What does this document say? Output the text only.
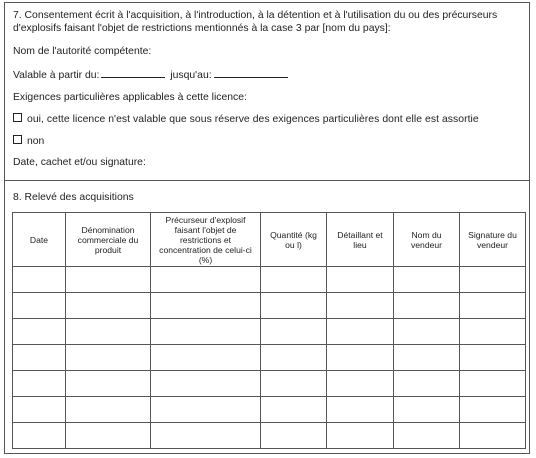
7. Consentement écrit à l'acquisition, à l'introduction, à la détention et à l'utilisation du ou des précurseurs d'explosifs faisant l'objet de restrictions mentionnés à la case 3 par [nom du pays]:
Nom de l'autorité compétente:
Valable à partir du:	jusqu'au:
Exigences particulières applicables à cette licence:
oui, cette licence n'est valable que sous réserve des exigences particulières dont elle est assortie
non
Date, cachet et/ou signature:
8. Relevé des acquisitions
Date	Dénomination commerciale du produit	Précurseur d'explosif faisant l'objet de restrictions et concentration de celui-ci (%)	Quantité (kg ou l)	Détaillant et lieu	Nom du vendeur	Signature du vendeur
